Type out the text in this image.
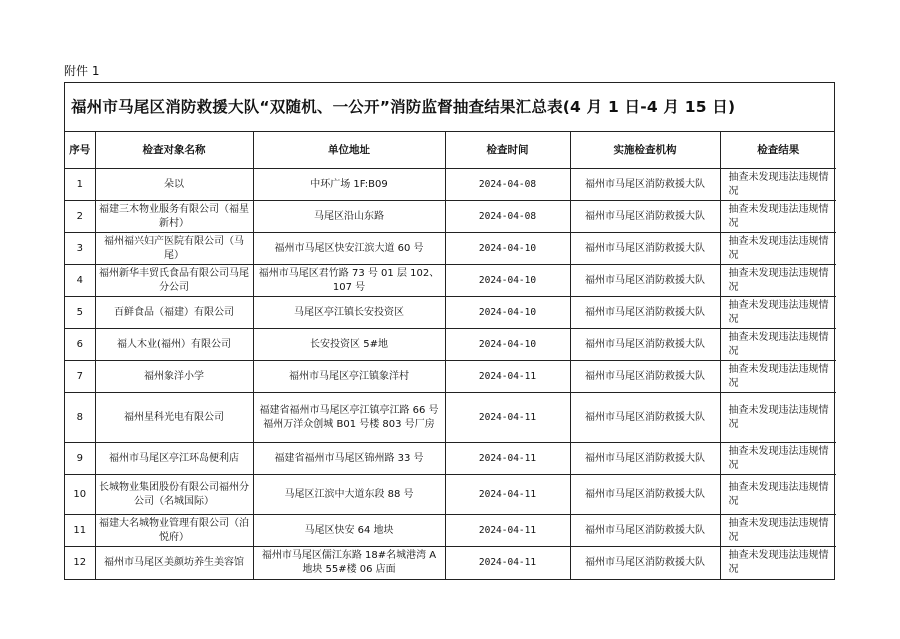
附件 1
福州市马尾区消防救援大队“双随机、一公开”消防监督抽查结果汇总表(4 月 1 日-4 月 15 日)
序号	检查对象名称	单位地址	检查时间	实施检查机构	检查结果
1	朵以	中环广场 1F:B09	2024-04-08	福州市马尾区消防救援大队	抽查未发现违法违规情况
2	福建三木物业服务有限公司（福星新村）	马尾区沿山东路	2024-04-08	福州市马尾区消防救援大队	抽查未发现违法违规情况
3	福州福兴妇产医院有限公司（马尾）	福州市马尾区快安江滨大道 60 号	2024-04-10	福州市马尾区消防救援大队	抽查未发现违法违规情况
4	福州新华丰贸氏食品有限公司马尾分公司	福州市马尾区君竹路 73 号 01 层 102、107 号	2024-04-10	福州市马尾区消防救援大队	抽查未发现违法违规情况
5	百鲜食品（福建）有限公司	马尾区亭江镇长安投资区	2024-04-10	福州市马尾区消防救援大队	抽查未发现违法违规情况
6	福人木业(福州）有限公司	长安投资区 5#地	2024-04-10	福州市马尾区消防救援大队	抽查未发现违法违规情况
7	福州象洋小学	福州市马尾区亭江镇象洋村	2024-04-11	福州市马尾区消防救援大队	抽查未发现违法违规情况
8	福州星科光电有限公司	福建省福州市马尾区亭江镇亭江路 66 号福州万洋众创城 B01 号楼 803 号厂房	2024-04-11	福州市马尾区消防救援大队	抽查未发现违法违规情况
9	福州市马尾区亭江环岛便利店	福建省福州市马尾区锦州路 33 号	2024-04-11	福州市马尾区消防救援大队	抽查未发现违法违规情况
10	长城物业集团股份有限公司福州分公司（名城国际）	马尾区江滨中大道东段 88 号	2024-04-11	福州市马尾区消防救援大队	抽查未发现违法违规情况
11	福建大名城物业管理有限公司（泊悦府）	马尾区快安 64 地块	2024-04-11	福州市马尾区消防救援大队	抽查未发现违法违规情况
12	福州市马尾区美颜坊养生美容馆	福州市马尾区儒江东路 18#名城港湾 A 地块 55#楼 06 店面	2024-04-11	福州市马尾区消防救援大队	抽查未发现违法违规情况
